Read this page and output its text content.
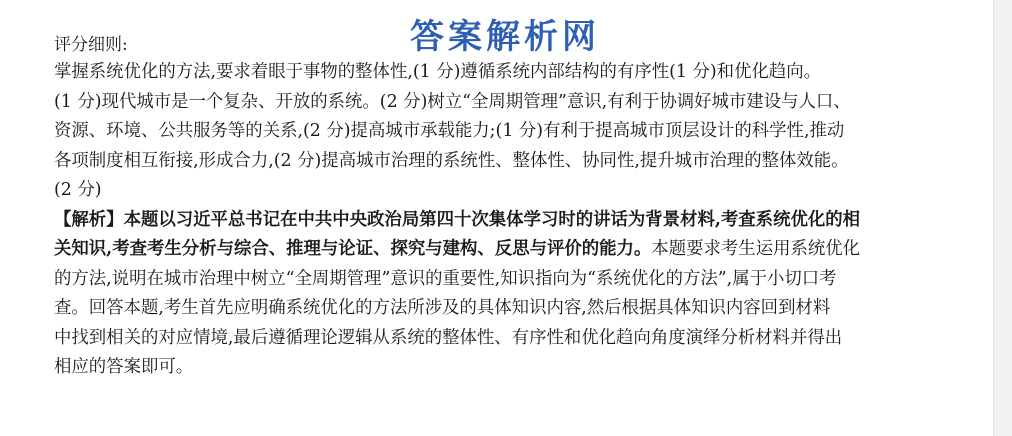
答案解析网
评分细则:
掌握系统优化的方法,要求着眼于事物的整体性,(1 分)遵循系统内部结构的有序性(1 分)和优化趋向。
(1 分)现代城市是一个复杂、开放的系统。(2 分)树立“全周期管理”意识,有利于协调好城市建设与人口、
资源、环境、公共服务等的关系,(2 分)提高城市承载能力;(1 分)有利于提高城市顶层设计的科学性,推动
各项制度相互衔接,形成合力,(2 分)提高城市治理的系统性、整体性、协同性,提升城市治理的整体效能。
(2 分)
【解析】本题以习近平总书记在中共中央政治局第四十次集体学习时的讲话为背景材料,考查系统优化的相
关知识,考查考生分析与综合、推理与论证、探究与建构、反思与评价的能力。本题要求考生运用系统优化
的方法,说明在城市治理中树立“全周期管理”意识的重要性,知识指向为“系统优化的方法”,属于小切口考
查。回答本题,考生首先应明确系统优化的方法所涉及的具体知识内容,然后根据具体知识内容回到材料
中找到相关的对应情境,最后遵循理论逻辑从系统的整体性、有序性和优化趋向角度演绎分析材料并得出
相应的答案即可。
